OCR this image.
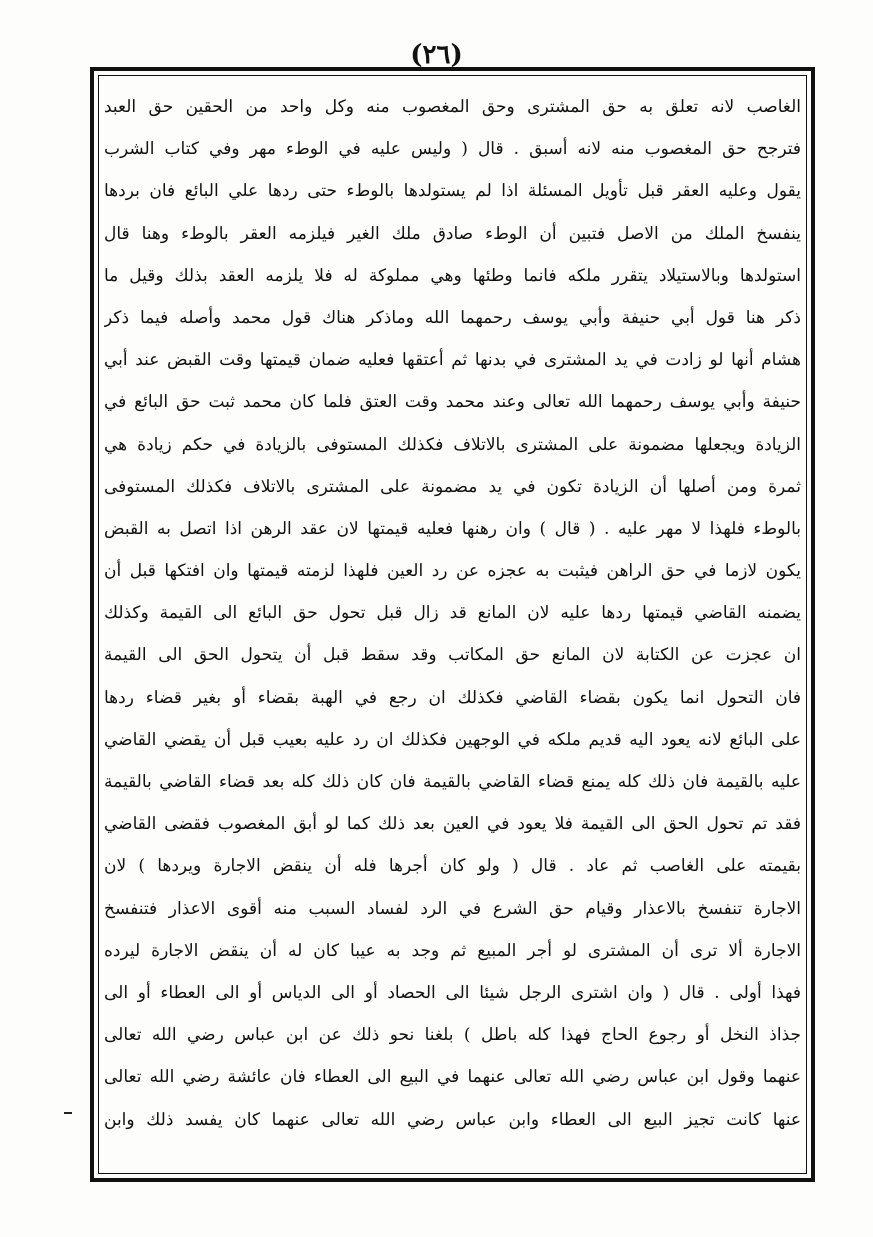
(٢٦)
الغاصب لانه تعلق به حق المشترى وحق المغصوب منه وكل واحد من الحقين حق العبد
فترجح حق المغصوب منه لانه أسبق . قال ( وليس عليه في الوطء مهر وفي كتاب الشرب
يقول وعليه العقر قبل تأويل المسئلة اذا لم يستولدها بالوطء حتى ردها علي البائع فان بردها
ينفسخ الملك من الاصل فتبين أن الوطء صادق ملك الغير فيلزمه العقر بالوطء وهنا قال
استولدها وبالاستيلاد يتقرر ملكه فانما وطئها وهي مملوكة له فلا يلزمه العقد بذلك وقيل ما
ذكر هنا قول أبي حنيفة وأبي يوسف رحمهما الله وماذكر هناك قول محمد وأصله فيما ذكر
هشام أنها لو زادت في يد المشترى في بدنها ثم أعتقها فعليه ضمان قيمتها وقت القبض عند أبي
حنيفة وأبي يوسف رحمهما الله تعالى وعند محمد وقت العتق فلما كان محمد ثبت حق البائع في
الزيادة ويجعلها مضمونة على المشترى بالاتلاف فكذلك المستوفى بالزيادة في حكم زيادة هي
ثمرة ومن أصلها أن الزيادة تكون في يد مضمونة على المشترى بالاتلاف فكذلك المستوفى
بالوطء فلهذا لا مهر عليه . ( قال ) وان رهنها فعليه قيمتها لان عقد الرهن اذا اتصل به القبض
يكون لازما في حق الراهن فيثبت به عجزه عن رد العين فلهذا لزمته قيمتها وان افتكها قبل أن
يضمنه القاضي قيمتها ردها عليه لان المانع قد زال قبل تحول حق البائع الى القيمة وكذلك
ان عجزت عن الكتابة لان المانع حق المكاتب وقد سقط قبل أن يتحول الحق الى القيمة
فان التحول انما يكون بقضاء القاضي فكذلك ان رجع في الهبة بقضاء أو بغير قضاء ردها
على البائع لانه يعود اليه قديم ملكه في الوجهين فكذلك ان رد عليه بعيب قبل أن يقضي القاضي
عليه بالقيمة فان ذلك كله يمنع قضاء القاضي بالقيمة فان كان ذلك كله بعد قضاء القاضي بالقيمة
فقد تم تحول الحق الى القيمة فلا يعود في العين بعد ذلك كما لو أبق المغصوب فقضى القاضي
بقيمته على الغاصب ثم عاد . قال ( ولو كان أجرها فله أن ينقض الاجارة ويردها ) لان
الاجارة تنفسخ بالاعذار وقيام حق الشرع في الرد لفساد السبب منه أقوى الاعذار فتنفسخ
الاجارة ألا ترى أن المشترى لو أجر المبيع ثم وجد به عيبا كان له أن ينقض الاجارة ليرده
فهذا أولى . قال ( وان اشترى الرجل شيئا الى الحصاد أو الى الدياس أو الى العطاء أو الى
جذاذ النخل أو رجوع الحاج فهذا كله باطل ) بلغنا نحو ذلك عن ابن عباس رضي الله تعالى
عنهما وقول ابن عباس رضي الله تعالى عنهما في البيع الى العطاء فان عائشة رضي الله تعالى
عنها كانت تجيز البيع الى العطاء وابن عباس رضي الله تعالى عنهما كان يفسد ذلك وابن
